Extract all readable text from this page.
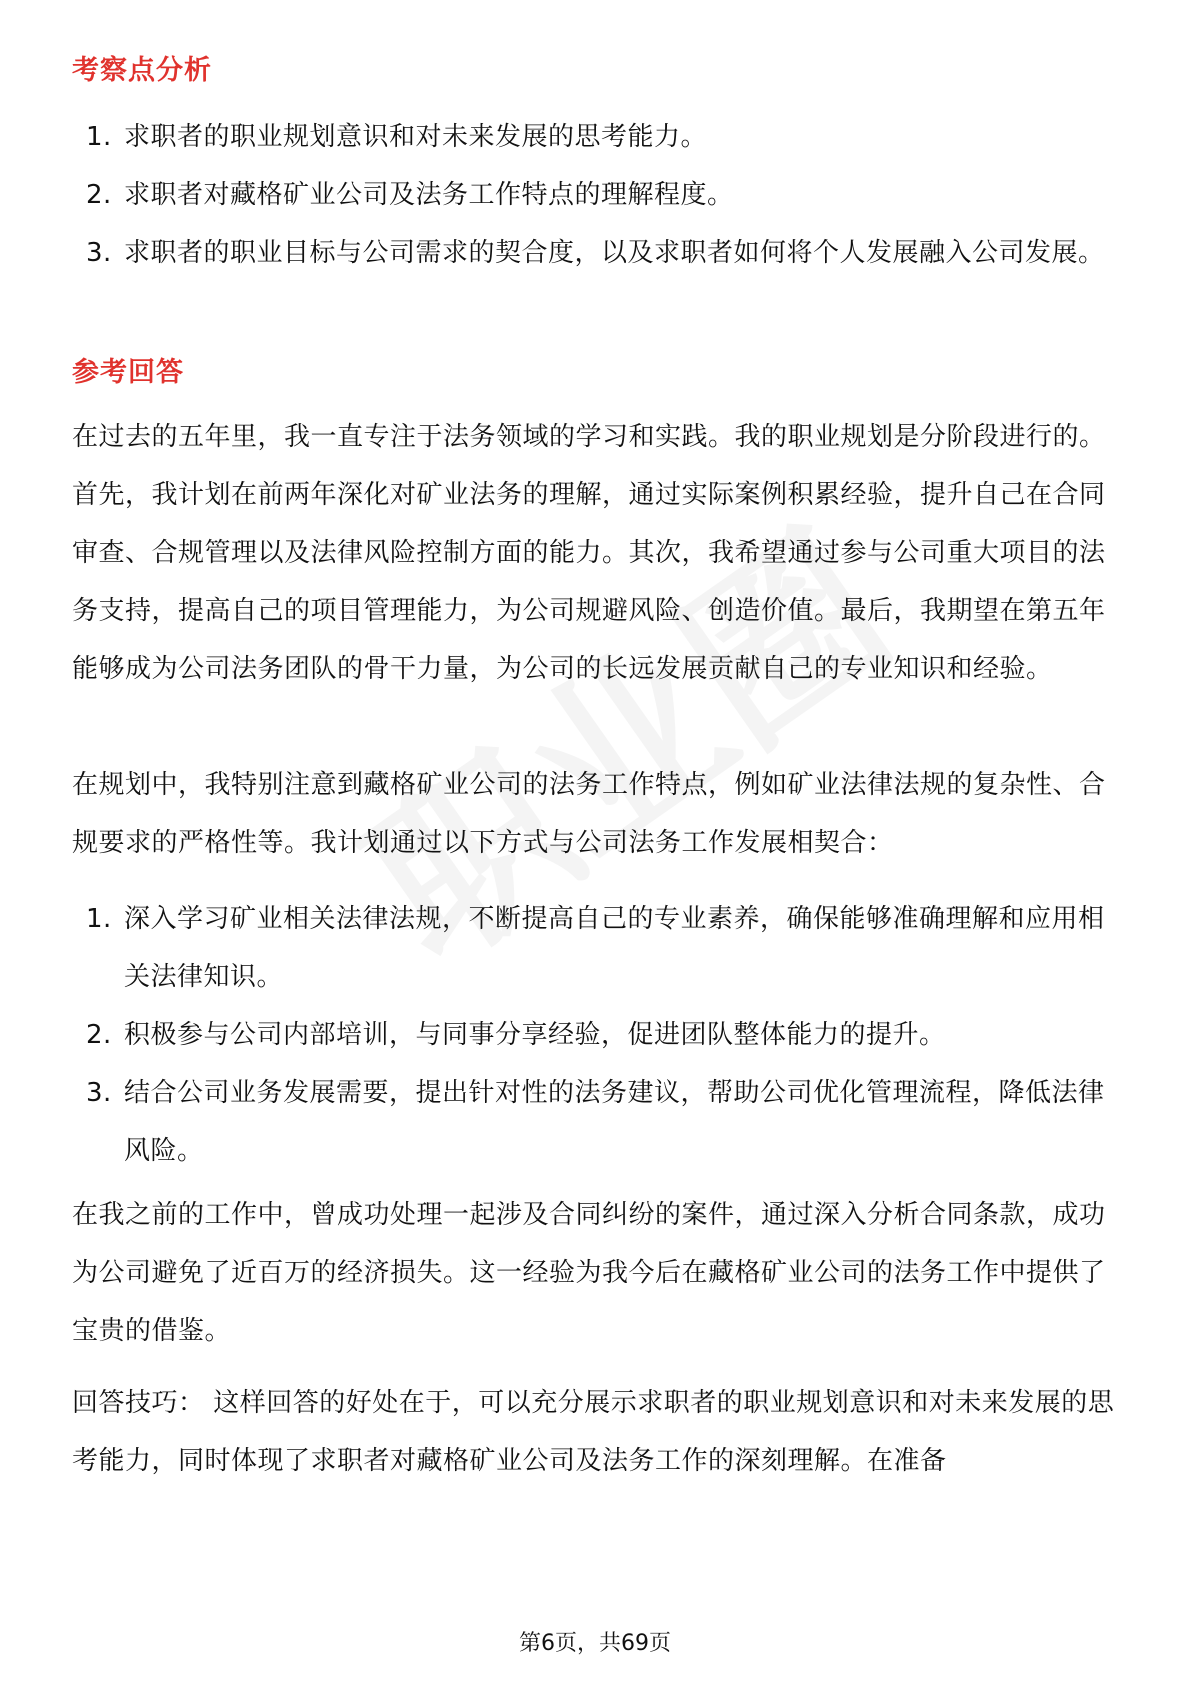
考察点分析
1. 求职者的职业规划意识和对未来发展的思考能力。
2. 求职者对藏格矿业公司及法务工作特点的理解程度。
3. 求职者的职业目标与公司需求的契合度，以及求职者如何将个人发展融入公司发展。
参考回答
在过去的五年里，我一直专注于法务领域的学习和实践。我的职业规划是分阶段进行的。首先，我计划在前两年深化对矿业法务的理解，通过实际案例积累经验，提升自己在合同审查、合规管理以及法律风险控制方面的能力。其次，我希望通过参与公司重大项目的法务支持，提高自己的项目管理能力，为公司规避风险、创造价值。最后，我期望在第五年能够成为公司法务团队的骨干力量，为公司的长远发展贡献自己的专业知识和经验。
在规划中，我特别注意到藏格矿业公司的法务工作特点，例如矿业法律法规的复杂性、合规要求的严格性等。我计划通过以下方式与公司法务工作发展相契合：
1. 深入学习矿业相关法律法规，不断提高自己的专业素养，确保能够准确理解和应用相关法律知识。
2. 积极参与公司内部培训，与同事分享经验，促进团队整体能力的提升。
3. 结合公司业务发展需要，提出针对性的法务建议，帮助公司优化管理流程，降低法律风险。
在我之前的工作中，曾成功处理一起涉及合同纠纷的案件，通过深入分析合同条款，成功为公司避免了近百万的经济损失。这一经验为我今后在藏格矿业公司的法务工作中提供了宝贵的借鉴。
回答技巧： 这样回答的好处在于，可以充分展示求职者的职业规划意识和对未来发展的思考能力，同时体现了求职者对藏格矿业公司及法务工作的深刻理解。在准备
第6页，共69页
